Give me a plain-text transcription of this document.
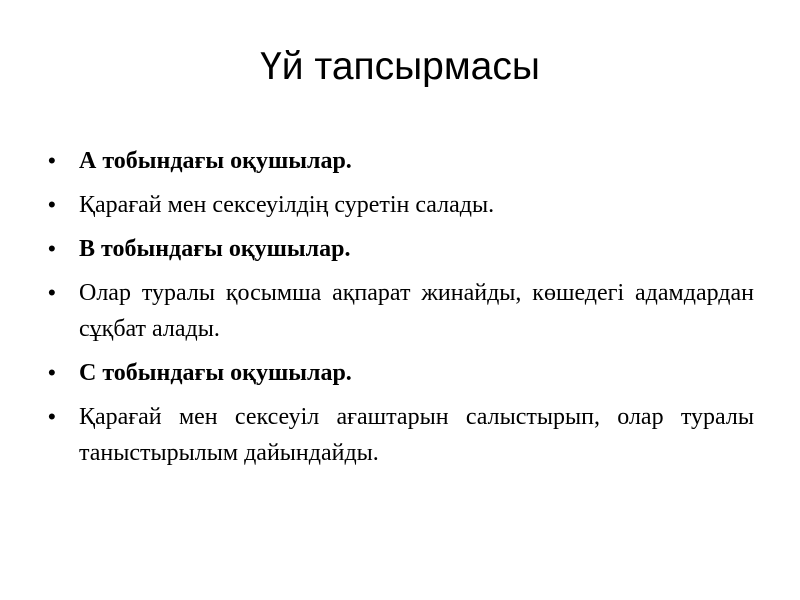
Үй тапсырмасы
• А тобындағы оқушылар.
• Қарағай мен сексеуілдің суретін салады.
• В тобындағы оқушылар.
• Олар туралы қосымша ақпарат жинайды, көшедегі адамдардан сұқбат алады.
• С тобындағы оқушылар.
• Қарағай мен сексеуіл ағаштарын салыстырып, олар туралы таныстырылым дайындайды.
